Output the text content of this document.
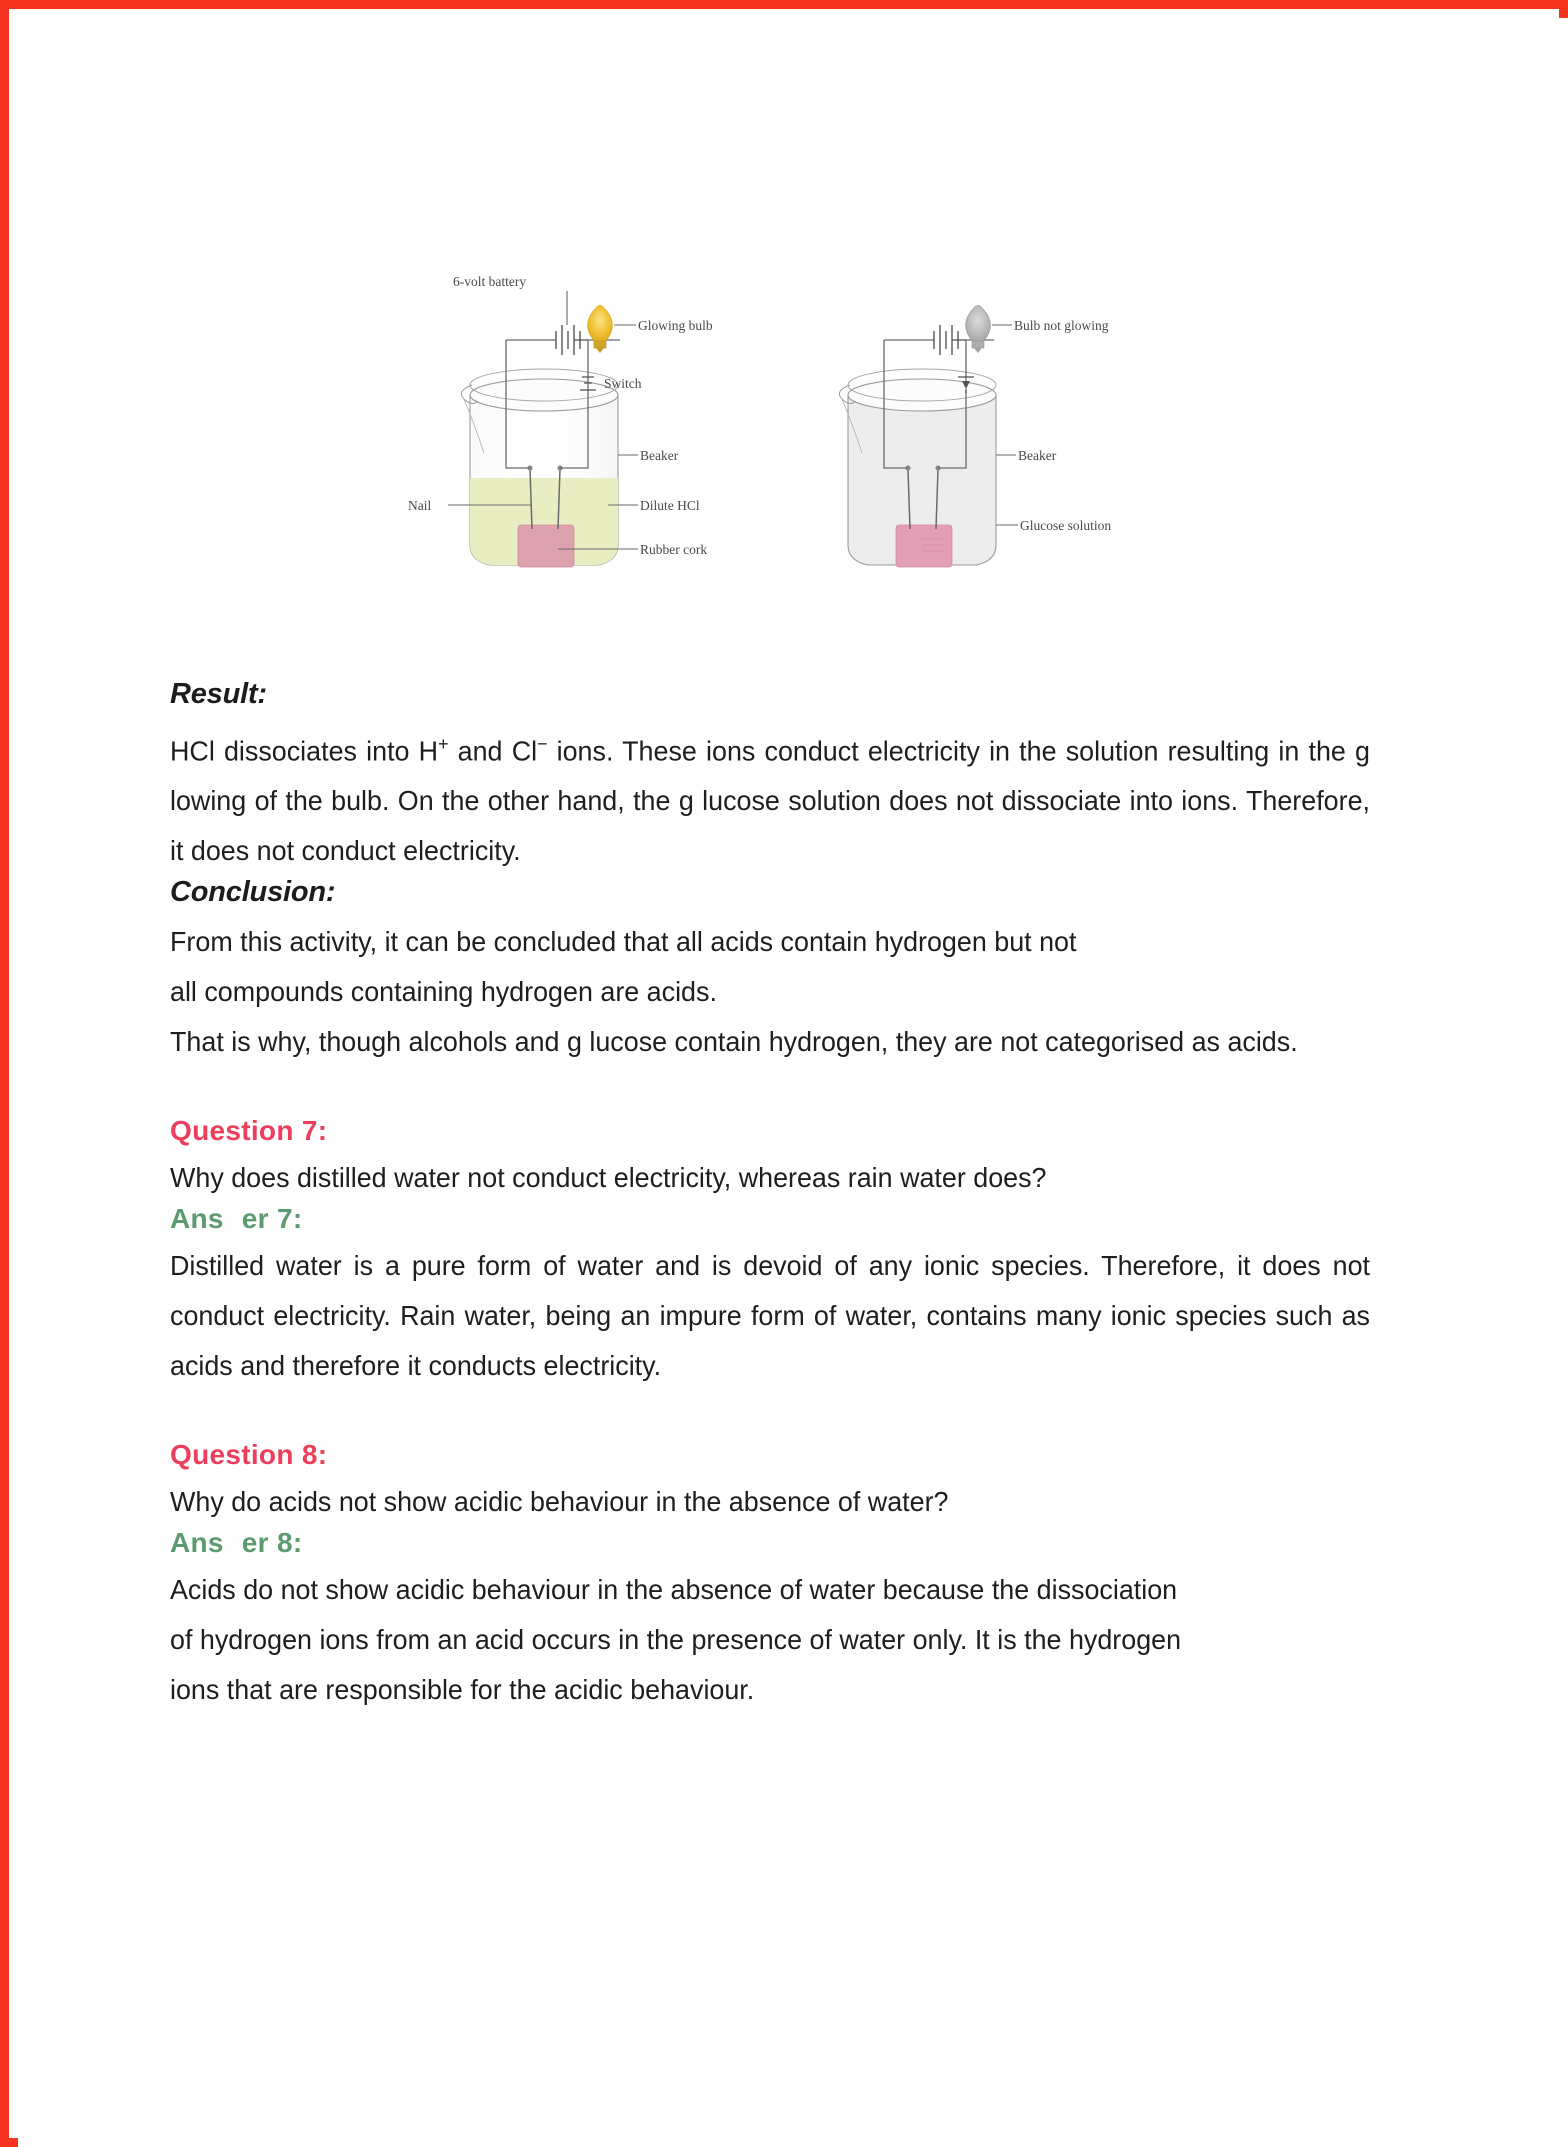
6-volt battery
Glowing bulb
Switch
Beaker
Nail	Dilute HCl
Rubber cork
Bulb not glowing
Beaker
Glucose solution

Result:

HCl dissociates into H+ and Cl− ions. These ions conduct electricity in the solution resulting in the g lowing of the bulb. On the other hand, the g lucose solution does not dissociate into ions. Therefore, it does not conduct electricity.

Conclusion:

From this activity, it can be concluded that all acids contain hydrogen but not

all compounds containing hydrogen are acids.

That is why, though alcohols and g lucose contain hydrogen, they are not categorised as acids.

Question 7:

Why does distilled water not conduct electricity, whereas rain water does?

Ans er 7:

Distilled water is a pure form of water and is devoid of any ionic species. Therefore, it does not conduct electricity. Rain water, being an impure form of water, contains many ionic species such as acids and therefore it conducts electricity.

Question 8:

Why do acids not show acidic behaviour in the absence of water?

Ans er 8:

Acids do not show acidic behaviour in the absence of water because the dissociation

of hydrogen ions from an acid occurs in the presence of water only. It is the hydrogen

ions that are responsible for the acidic behaviour.
